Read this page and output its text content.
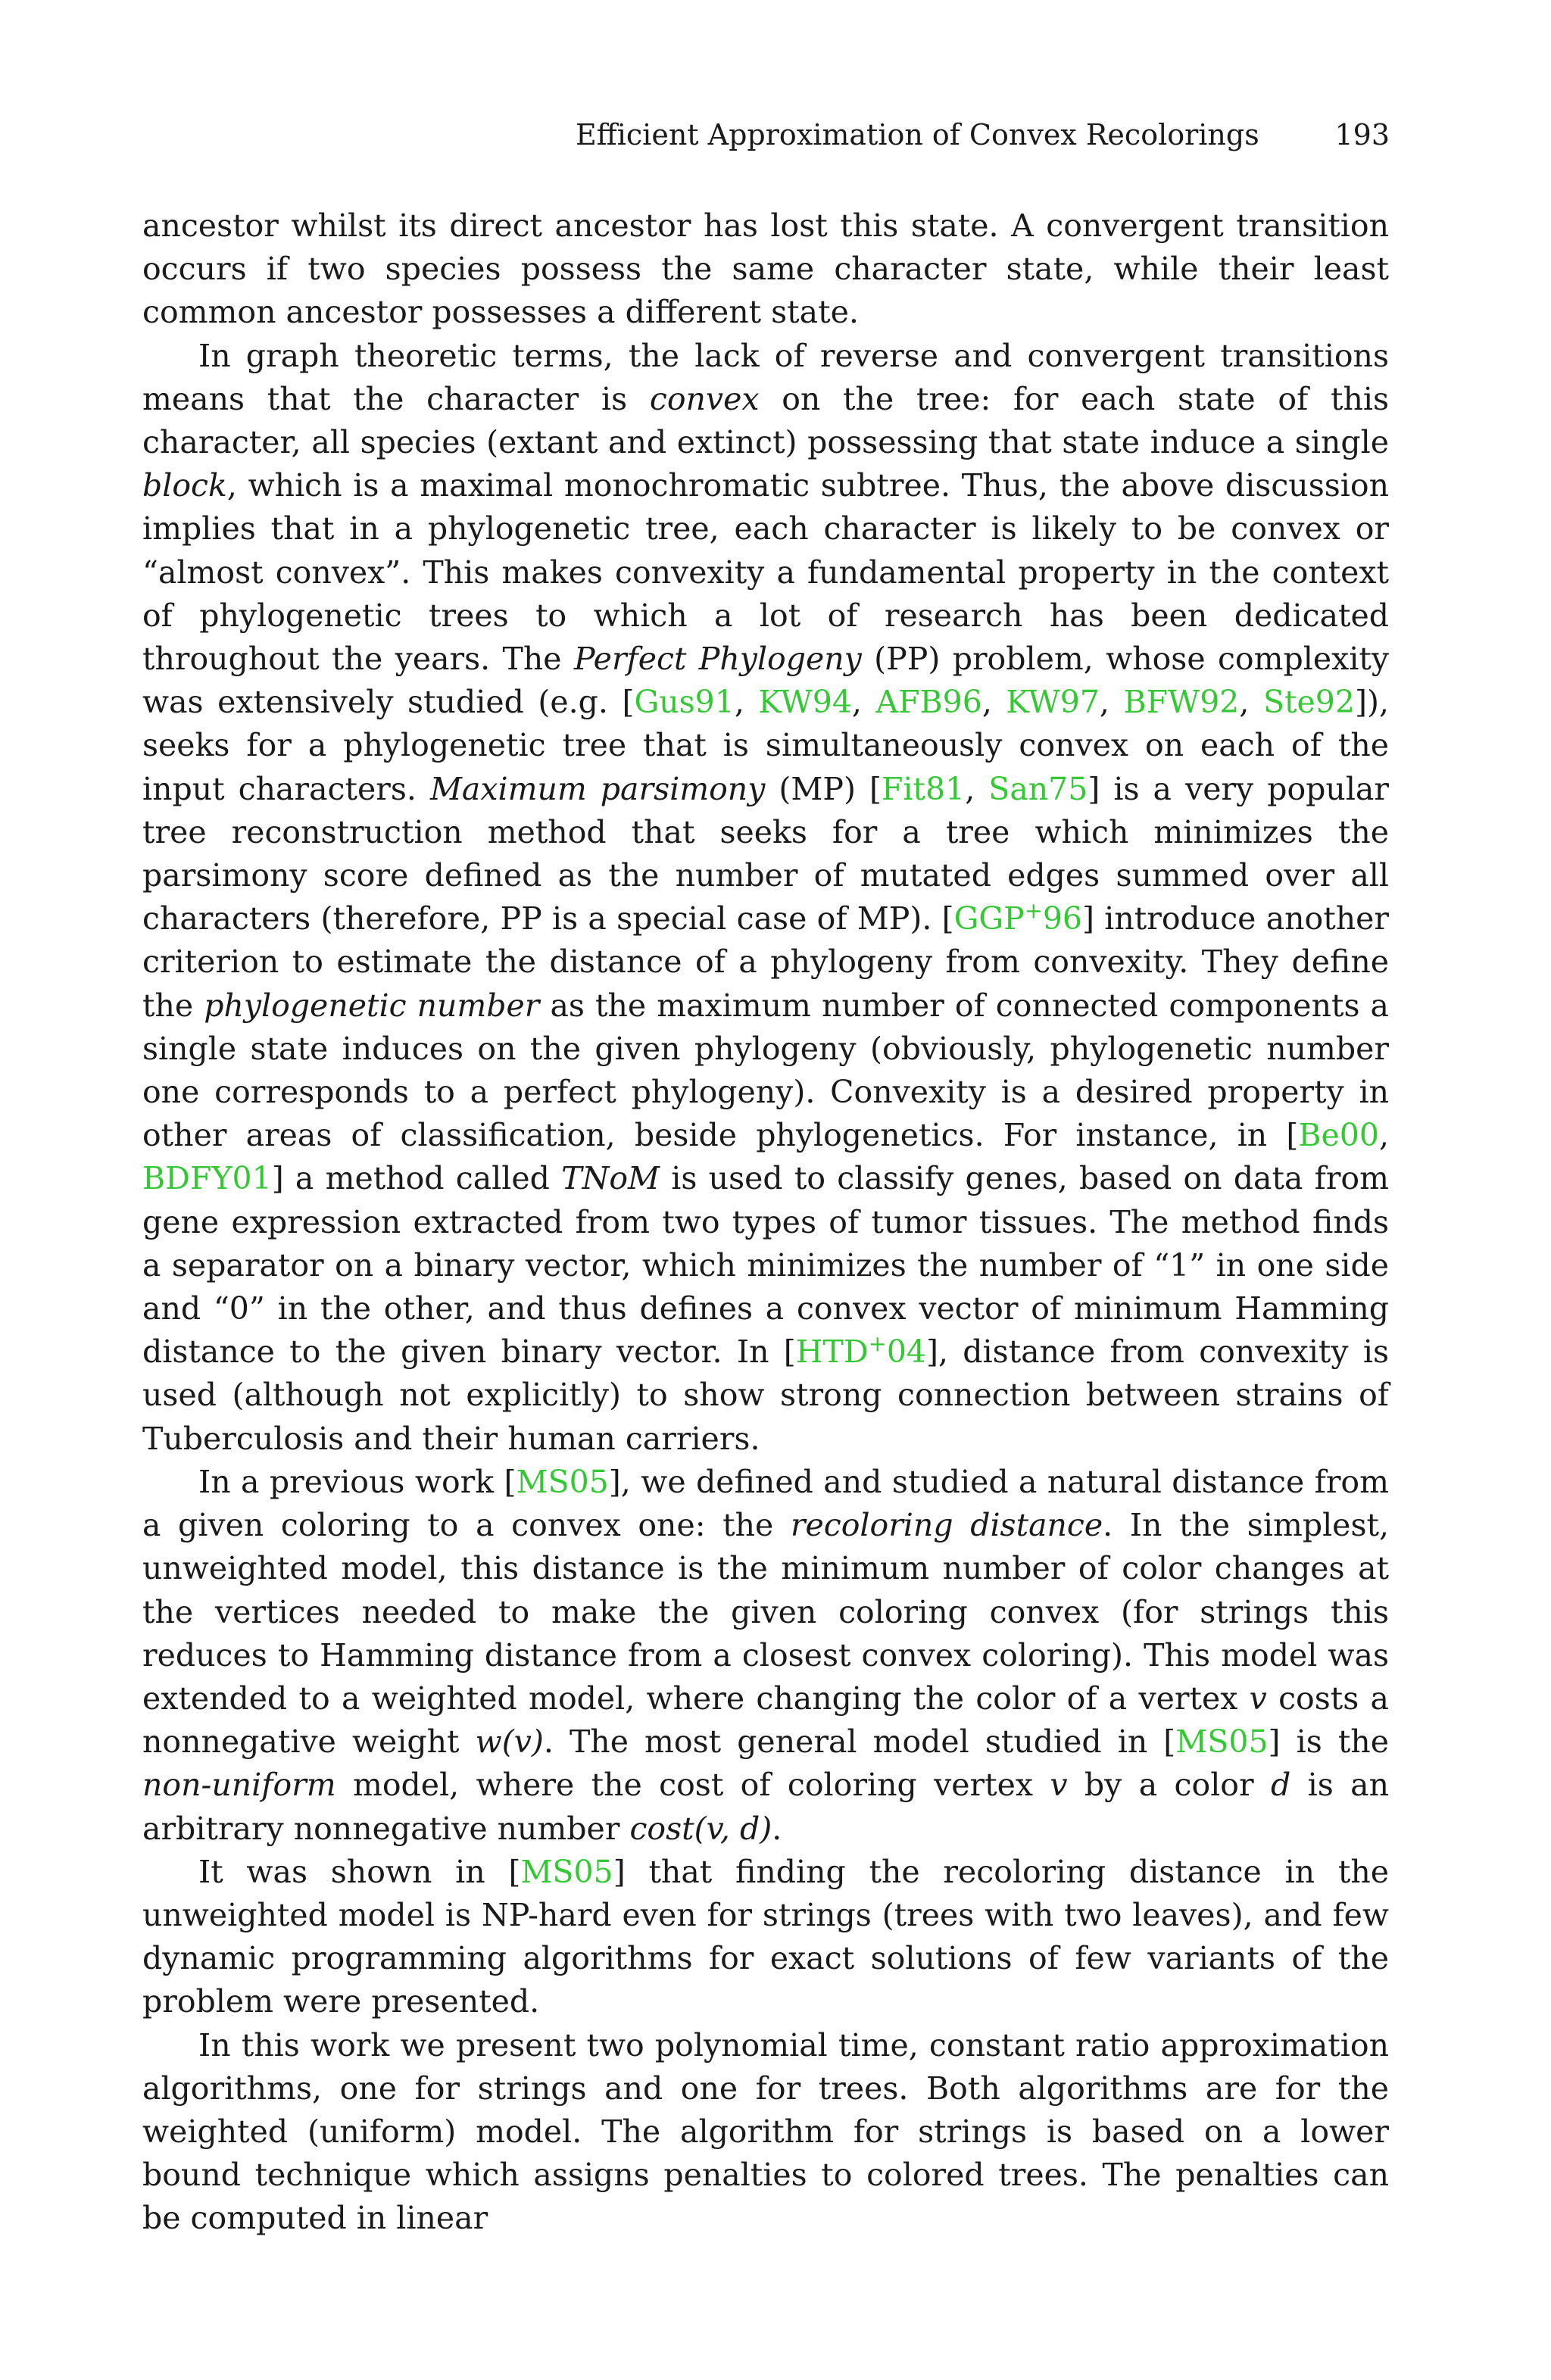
Efficient Approximation of Convex Recolorings	193

ancestor whilst its direct ancestor has lost this state. A convergent transition occurs if two species possess the same character state, while their least common ancestor possesses a different state.

In graph theoretic terms, the lack of reverse and convergent transitions means that the character is convex on the tree: for each state of this character, all species (extant and extinct) possessing that state induce a single block, which is a maximal monochromatic subtree. Thus, the above discussion implies that in a phylogenetic tree, each character is likely to be convex or “almost convex”. This makes convexity a fundamental property in the context of phylogenetic trees to which a lot of research has been dedicated throughout the years. The Perfect Phylogeny (PP) problem, whose complexity was extensively studied (e.g. [Gus91, KW94, AFB96, KW97, BFW92, Ste92]), seeks for a phylogenetic tree that is simultaneously convex on each of the input characters. Maximum parsimony (MP) [Fit81, San75] is a very popular tree reconstruction method that seeks for a tree which minimizes the parsimony score defined as the number of mutated edges summed over all characters (therefore, PP is a special case of MP). [GGP+96] introduce another criterion to estimate the distance of a phylogeny from convexity. They define the phylogenetic number as the maximum number of connected components a single state induces on the given phylogeny (obviously, phylogenetic number one corresponds to a perfect phylogeny). Convexity is a desired property in other areas of classification, beside phylogenetics. For instance, in [Be00, BDFY01] a method called TNoM is used to classify genes, based on data from gene expression extracted from two types of tumor tissues. The method finds a separator on a binary vector, which minimizes the number of “1” in one side and “0” in the other, and thus defines a convex vector of minimum Hamming distance to the given binary vector. In [HTD+04], distance from convexity is used (although not explicitly) to show strong connection between strains of Tuberculosis and their human carriers.

In a previous work [MS05], we defined and studied a natural distance from a given coloring to a convex one: the recoloring distance. In the simplest, unweighted model, this distance is the minimum number of color changes at the vertices needed to make the given coloring convex (for strings this reduces to Hamming distance from a closest convex coloring). This model was extended to a weighted model, where changing the color of a vertex v costs a nonnegative weight w(v). The most general model studied in [MS05] is the non-uniform model, where the cost of coloring vertex v by a color d is an arbitrary nonnegative number cost(v, d).

It was shown in [MS05] that finding the recoloring distance in the unweighted model is NP-hard even for strings (trees with two leaves), and few dynamic programming algorithms for exact solutions of few variants of the problem were presented.

In this work we present two polynomial time, constant ratio approximation algorithms, one for strings and one for trees. Both algorithms are for the weighted (uniform) model. The algorithm for strings is based on a lower bound technique which assigns penalties to colored trees. The penalties can be computed in linear
